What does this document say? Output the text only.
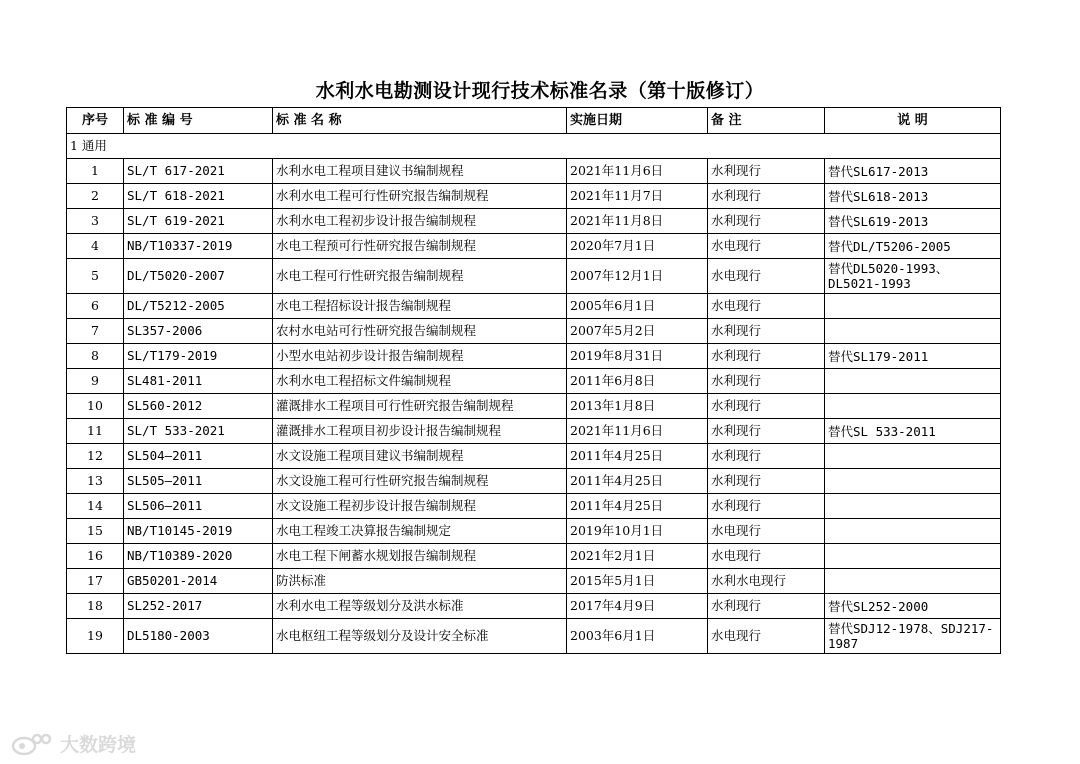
水利水电勘测设计现行技术标准名录（第十版修订）
序号	标 准 编 号	标 准 名 称	实施日期	备 注	说 明
1 通用					
1	SL/T 617-2021	水利水电工程项目建议书编制规程	2021年11月6日	水利现行	替代SL617-2013
2	SL/T 618-2021	水利水电工程可行性研究报告编制规程	2021年11月7日	水利现行	替代SL618-2013
3	SL/T 619-2021	水利水电工程初步设计报告编制规程	2021年11月8日	水利现行	替代SL619-2013
4	NB/T10337-2019	水电工程预可行性研究报告编制规程	2020年7月1日	水电现行	替代DL/T5206-2005
5	DL/T5020-2007	水电工程可行性研究报告编制规程	2007年12月1日	水电现行	替代DL5020-1993、DL5021-1993
6	DL/T5212-2005	水电工程招标设计报告编制规程	2005年6月1日	水电现行	
7	SL357-2006	农村水电站可行性研究报告编制规程	2007年5月2日	水利现行	
8	SL/T179-2019	小型水电站初步设计报告编制规程	2019年8月31日	水利现行	替代SL179-2011
9	SL481-2011	水利水电工程招标文件编制规程	2011年6月8日	水利现行	
10	SL560-2012	灌溉排水工程项目可行性研究报告编制规程	2013年1月8日	水利现行	
11	SL/T 533-2021	灌溉排水工程项目初步设计报告编制规程	2021年11月6日	水利现行	替代SL 533-2011
12	SL504—2011	水文设施工程项目建议书编制规程	2011年4月25日	水利现行	
13	SL505—2011	水文设施工程可行性研究报告编制规程	2011年4月25日	水利现行	
14	SL506—2011	水文设施工程初步设计报告编制规程	2011年4月25日	水利现行	
15	NB/T10145-2019	水电工程竣工决算报告编制规定	2019年10月1日	水电现行	
16	NB/T10389-2020	水电工程下闸蓄水规划报告编制规程	2021年2月1日	水电现行	
17	GB50201-2014	防洪标准	2015年5月1日	水利水电现行	
18	SL252-2017	水利水电工程等级划分及洪水标准	2017年4月9日	水利现行	替代SL252-2000
19	DL5180-2003	水电枢纽工程等级划分及设计安全标准	2003年6月1日	水电现行	替代SDJ12-1978、SDJ217-1987
大数跨境
